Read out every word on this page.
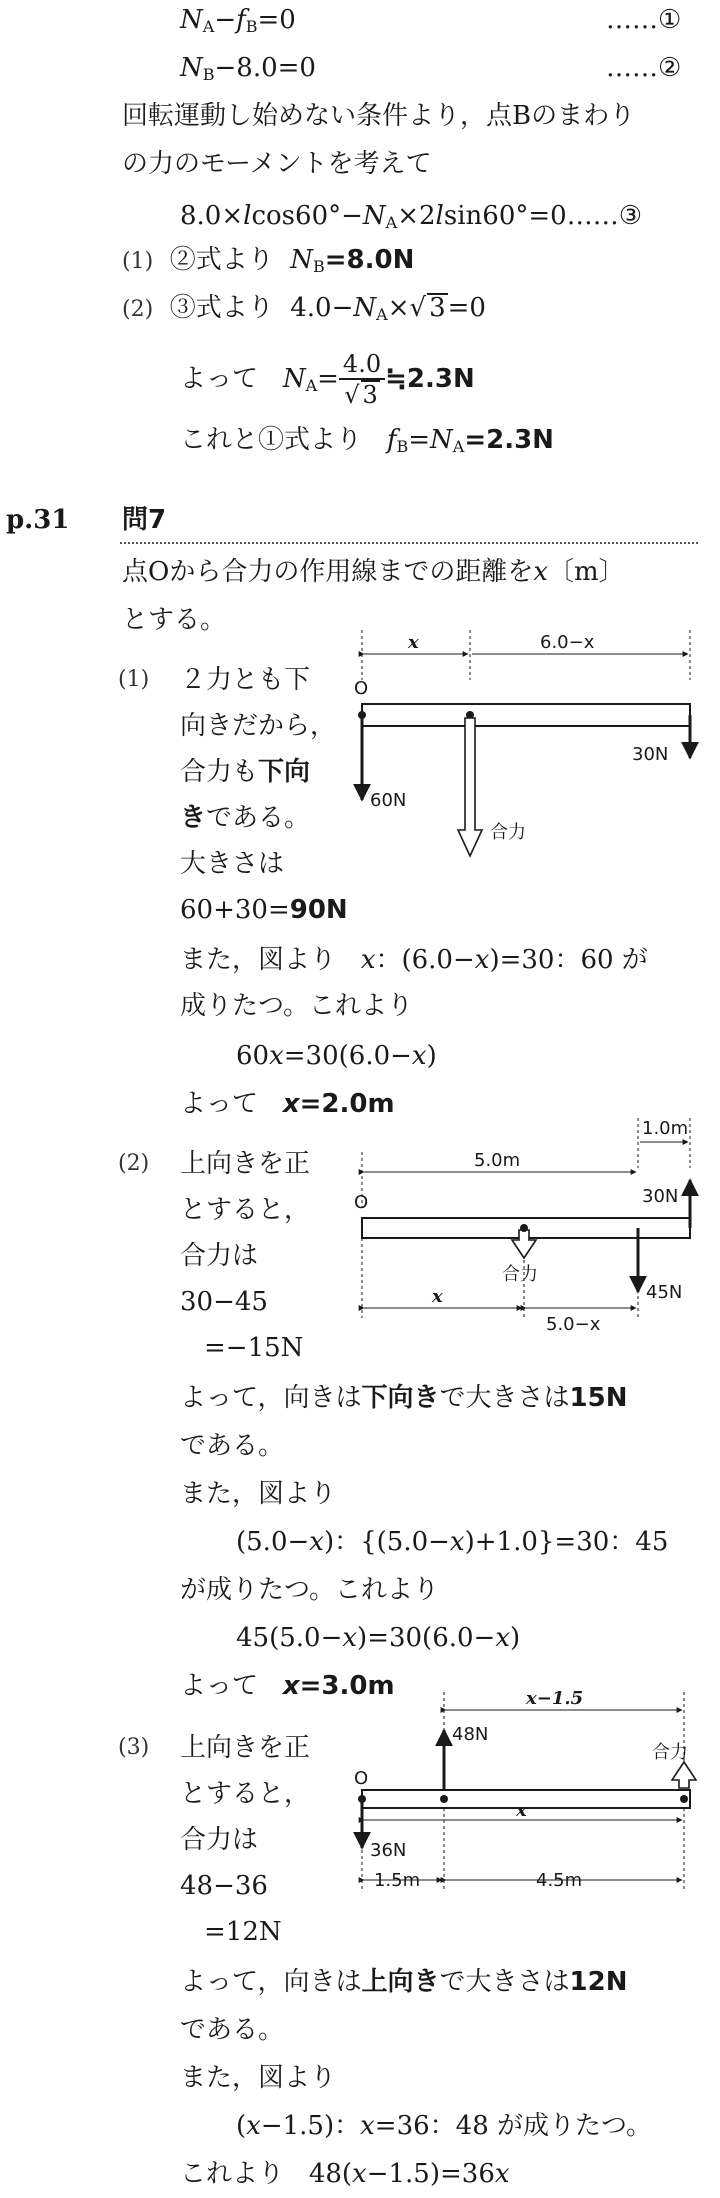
$N_A-f_B=0$	……①
$N_B-8.0=0$	……②
回転運動し始めない条件より，点Bのまわり
の力のモーメントを考えて
$8.0\times lcos60^\circ-N_A\times 2lsin60^\circ=0\dots\dots ③$
(1) ②式より $N_B=8.0N$
(2) ③式より $4.0-N_A\times√$ 3=0
よって $N_A= \frac{4.0}{√ 3}$ ≒2.3N
これと①式より $f_B=N_A=2.3N$
p.31 問7
点Oから合力の作用線までの距離をx〔m〕
とする。
(1) ２力とも下
向きだから，
合力も下向
きである。
大きさは
60+30=90N
また，図より x：(6.0−x)=30：60 が
成りたつ。これより
60x=30(6.0−x)
よって x=2.0m
x	6.0−x
O
60N
30N
合力
(2) 上向きを正
とすると，
合力は
30−45
=−15N
よって，向きは下向きで大きさは15N
である。
また，図より
(5.0−x)：{(5.0−x)+1.0}=30：45
が成りたつ。これより
45(5.0−x)=30(6.0−x)
よって x=3.0m
1.0m
5.0m
30N
O
45N
合力
x
5.0−x
(3) 上向きを正
とすると，
合力は
48−36
=12N
よって，向きは上向きで大きさは12N
である。
また，図より
(x−1.5)：x=36：48 が成りたつ。
これより 48(x−1.5)=36x
x−1.5
48N
合力
O
x
36N
1.5m	4.5m
